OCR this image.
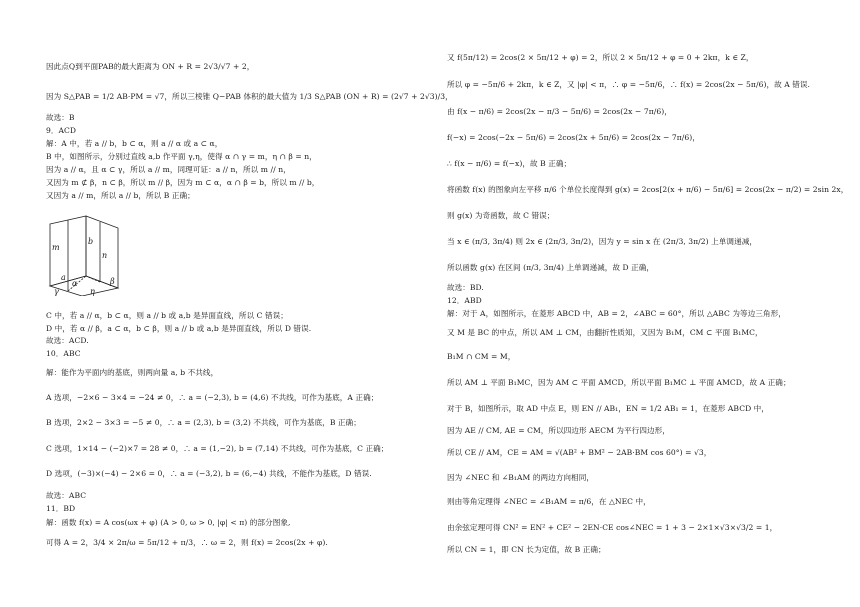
因此点Q到平面PAB的最大距离为 ON + R = 2√3/√7 + 2，
因为 S△PAB = 1/2 AB·PM = √7，所以三棱锥 Q−PAB 体积的最大值为 1/3 S△PAB (ON + R) = (2√7 + 2√3)/3，
故选：B
9．ACD
解：A 中，若 a // b，b ⊂ α，则 a // α 或 a ⊂ α，
B 中，如图所示，分别过直线 a,b 作平面 γ,η，使得 α ∩ γ = m，η ∩ β = n，
因为 a // α，且 α ⊂ γ，所以 a // m，同理可证：a // n，所以 m // n，
又因为 m ⊄ β，n ⊂ β，所以 m // β，因为 m ⊂ α，α ∩ β = b，所以 m // b，
又因为 a // m，所以 a // b，所以 B 正确；
m
b
n
a
α
γ	η
β
C 中，若 a // α，b ⊂ α，则 a // b 或 a,b 是异面直线，所以 C 错误；
D 中，若 α // β，a ⊂ α，b ⊂ β，则 a // b 或 a,b 是异面直线，所以 D 错误.
故选：ACD.
10．ABC
解：能作为平面内的基底，则两向量 a, b 不共线，
A 选项，−2×6 − 3×4 = −24 ≠ 0，∴ a = (−2,3), b = (4,6) 不共线，可作为基底，A 正确；
B 选项，2×2 − 3×3 = −5 ≠ 0，∴ a = (2,3), b = (3,2) 不共线，可作为基底，B 正确；
C 选项，1×14 − (−2)×7 = 28 ≠ 0，∴ a = (1,−2), b = (7,14) 不共线，可作为基底，C 正确；
D 选项，(−3)×(−4) − 2×6 = 0，∴ a = (−3,2), b = (6,−4) 共线，不能作为基底，D 错误.
故选：ABC
11．BD
解：函数 f(x) = A cos(ωx + φ) (A > 0, ω > 0, |φ| < π) 的部分图象,
可得 A = 2，3/4 × 2π/ω = 5π/12 + π/3，∴ ω = 2，则 f(x) = 2cos(2x + φ).
又 f(5π/12) = 2cos(2 × 5π/12 + φ) = 2，所以 2 × 5π/12 + φ = 0 + 2kπ，k ∈ Z，
所以 φ = −5π/6 + 2kπ，k ∈ Z，又 |φ| < π，∴ φ = −5π/6，∴ f(x) = 2cos(2x − 5π/6)，故 A 错误.
由 f(x − π/6) = 2cos(2x − π/3 − 5π/6) = 2cos(2x − 7π/6)，
f(−x) = 2cos(−2x − 5π/6) = 2cos(2x + 5π/6) = 2cos(2x − 7π/6)，
∴ f(x − π/6) = f(−x)，故 B 正确；
将函数 f(x) 的图象向左平移 π/6 个单位长度得到 g(x) = 2cos[2(x + π/6) − 5π/6] = 2cos(2x − π/2) = 2sin 2x，
则 g(x) 为奇函数，故 C 错误；
当 x ∈ (π/3, 3π/4) 则 2x ∈ (2π/3, 3π/2)，因为 y = sin x 在 (2π/3, 3π/2) 上单调递减，
所以函数 g(x) 在区间 (π/3, 3π/4) 上单调递减，故 D 正确，
故选：BD.
12．ABD
解：对于 A，如图所示，在菱形 ABCD 中，AB = 2，∠ABC = 60°，所以 △ABC 为等边三角形，
又 M 是 BC 的中点，所以 AM ⊥ CM，由翻折性质知，又因为 B₁M，CM ⊂ 平面 B₁MC，
B₁M ∩ CM = M，
所以 AM ⊥ 平面 B₁MC，因为 AM ⊂ 平面 AMCD，所以平面 B₁MC ⊥ 平面 AMCD，故 A 正确；
对于 B，如图所示，取 AD 中点 E，则 EN // AB₁，EN = 1/2 AB₁ = 1，在菱形 ABCD 中，
因为 AE // CM, AE = CM，所以四边形 AECM 为平行四边形，
所以 CE // AM，CE = AM = √(AB² + BM² − 2AB·BM cos 60°) = √3，
因为 ∠NEC 和 ∠B₁AM 的两边方向相同，
则由等角定理得 ∠NEC = ∠B₁AM = π/6，在 △NEC 中，
由余弦定理可得 CN² = EN² + CE² − 2EN·CE cos∠NEC = 1 + 3 − 2×1×√3×√3/2 = 1，
所以 CN = 1，即 CN 长为定值，故 B 正确；
